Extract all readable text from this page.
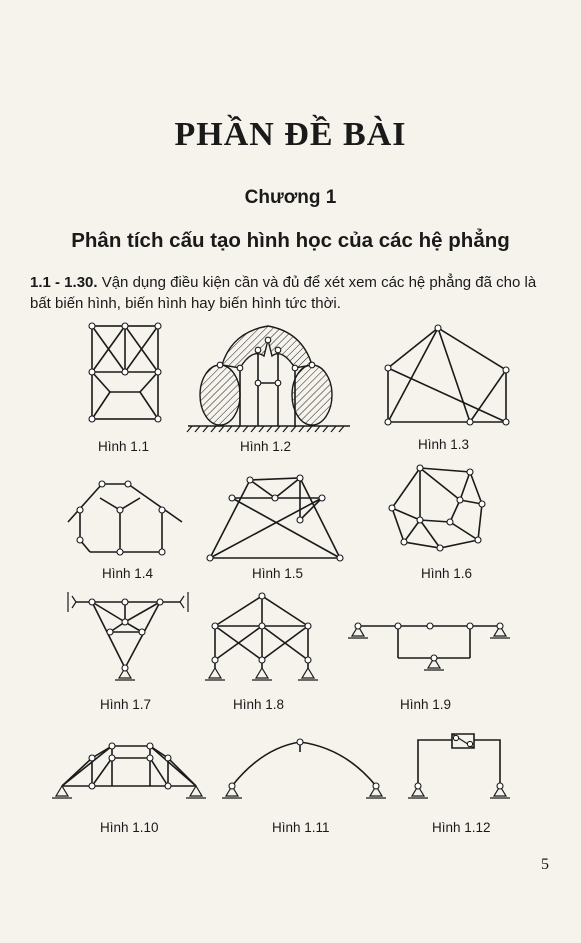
PHẦN ĐỀ BÀI
Chương 1
Phân tích cấu tạo hình học của các hệ phẳng
1.1 - 1.30. Vận dụng điều kiện cần và đủ để xét xem các hệ phẳng đã cho là bất biến hình, biến hình hay biến hình tức thời.
Hình 1.1	Hình 1.2	Hình 1.3
Hình 1.4	Hình 1.5	Hình 1.6
Hình 1.7	Hình 1.8	Hình 1.9
Hình 1.10	Hình 1.11	Hình 1.12
5
